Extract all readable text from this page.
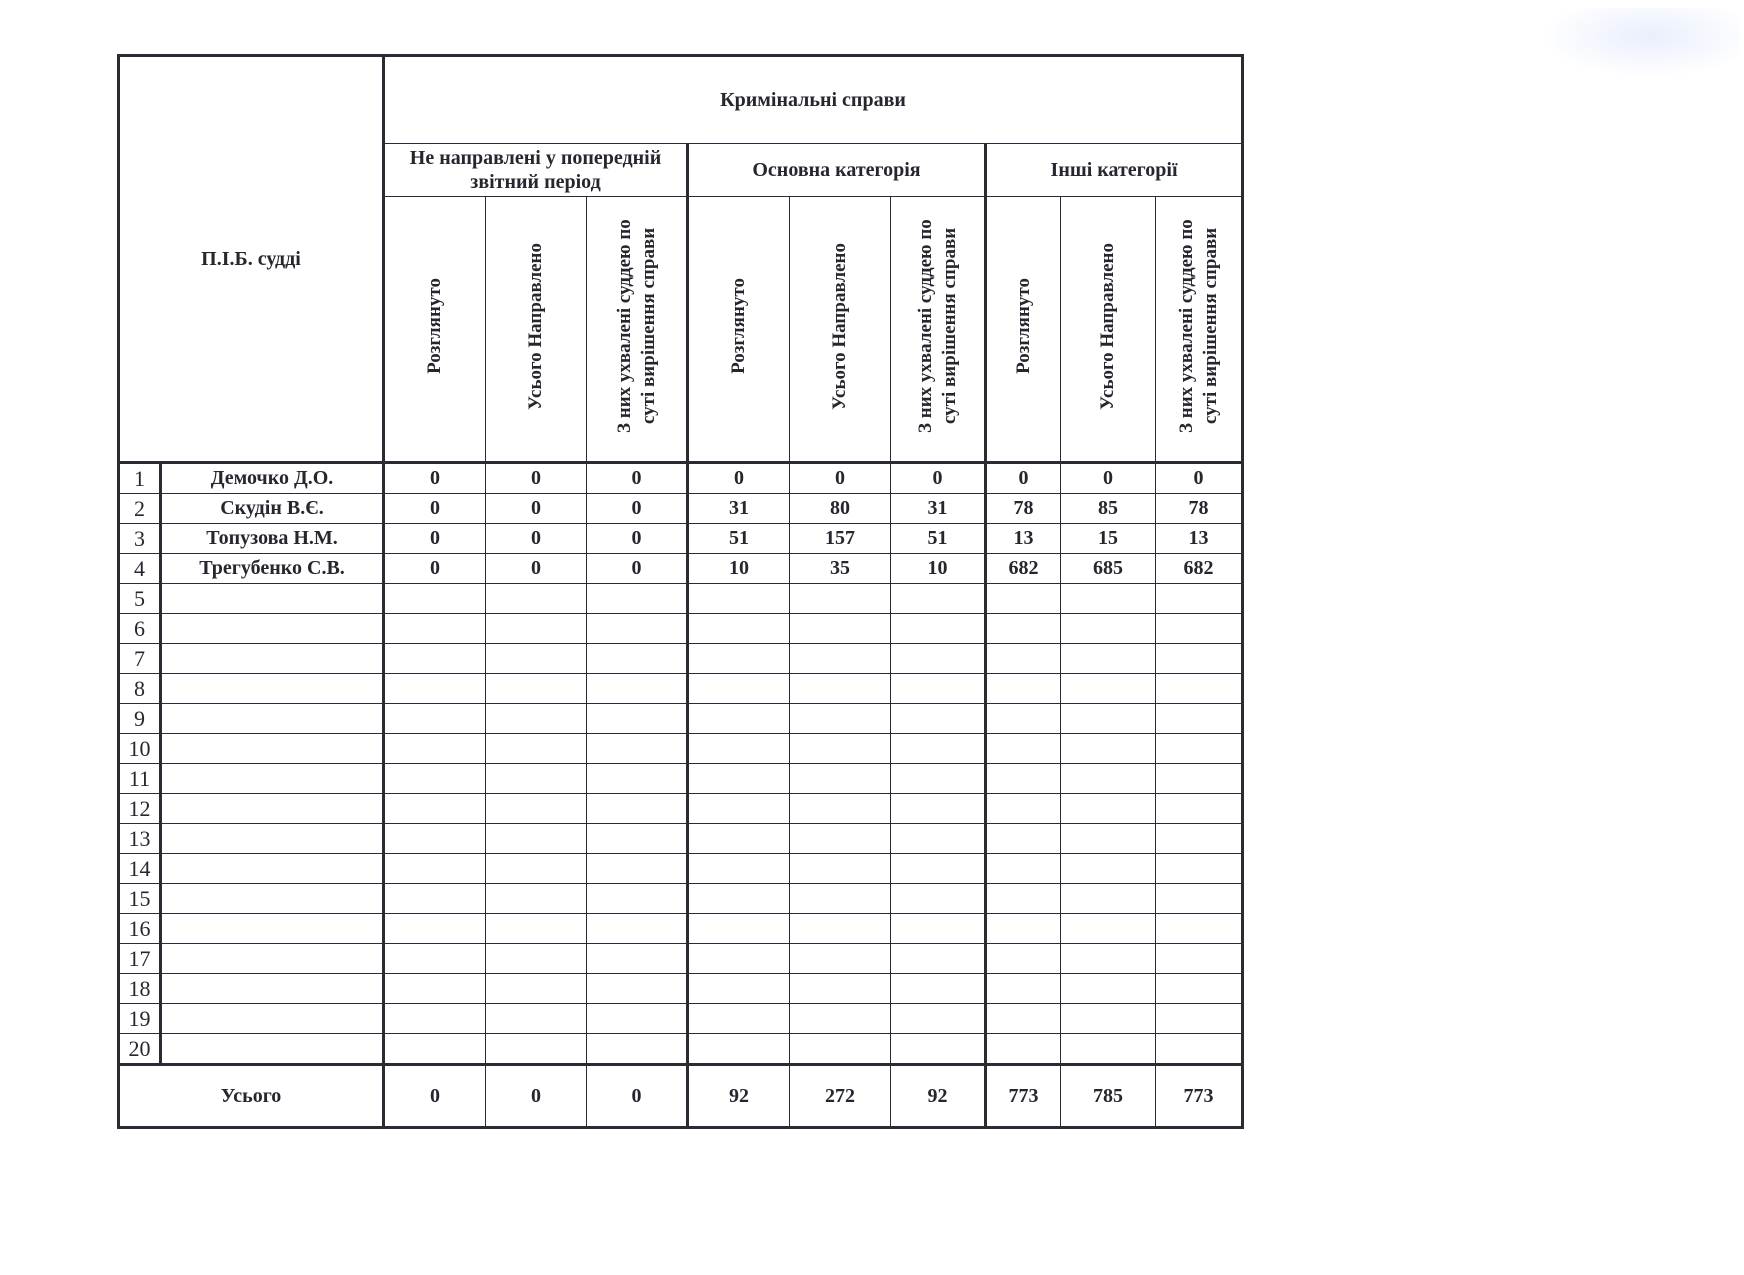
П.І.Б. судді		Кримінальні справи								
		Не направлені у попередній звітний період			Основна категорія			Інші категорії		
		Розглянуто	Усього Направлено	З них ухвалені суддею по суті вирішення справи	Розглянуто	Усього Направлено	З них ухвалені суддею по суті вирішення справи	Розглянуто	Усього Направлено	З них ухвалені суддею по суті вирішення справи
1	Демочко Д.О.	0	0	0	0	0	0	0	0	0
2	Скудін В.Є.	0	0	0	31	80	31	78	85	78
3	Топузова Н.М.	0	0	0	51	157	51	13	15	13
4	Трегубенко С.В.	0	0	0	10	35	10	682	685	682
5										
6										
7										
8										
9										
10										
11										
12										
13										
14										
15										
16										
17										
18										
19										
20										
Усього		0	0	0	92	272	92	773	785	773
